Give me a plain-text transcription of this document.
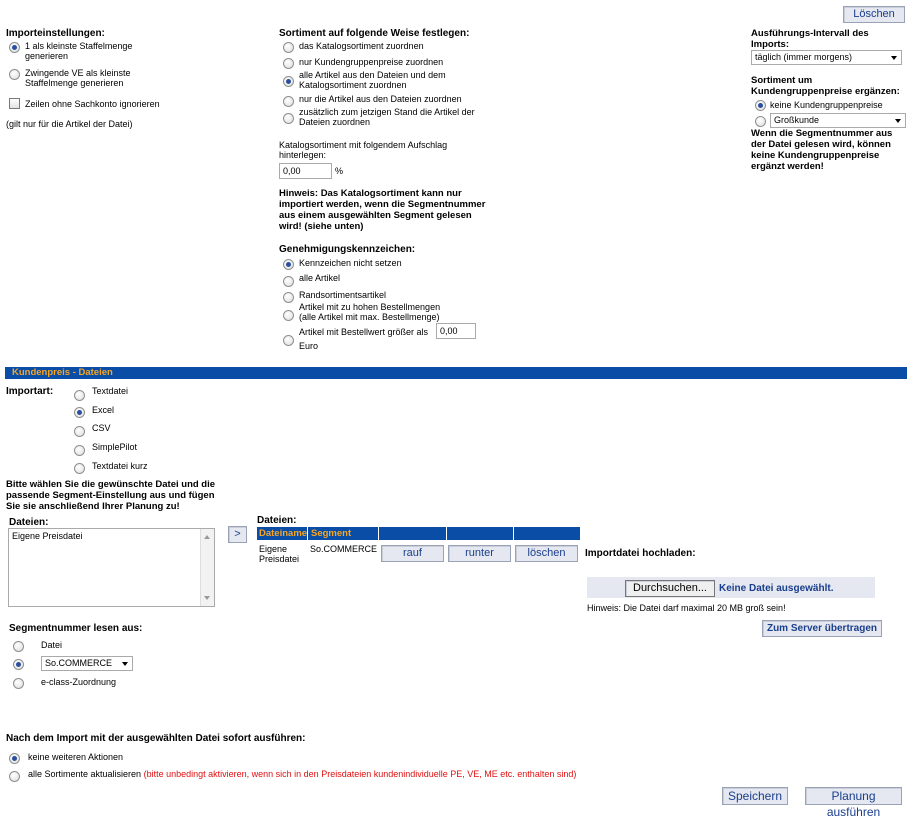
Löschen
Importeinstellungen:
1 als kleinste Staffelmenge generieren
Zwingende VE als kleinste Staffelmenge generieren
Zeilen ohne Sachkonto ignorieren
(gilt nur für die Artikel der Datei)
Sortiment auf folgende Weise festlegen:
das Katalogsortiment zuordnen
nur Kundengruppenpreise zuordnen
alle Artikel aus den Dateien und dem Katalogsortiment zuordnen
nur die Artikel aus den Dateien zuordnen
zusätzlich zum jetzigen Stand die Artikel der Dateien zuordnen
Katalogsortiment mit folgendem Aufschlag hinterlegen:
0,00	%
Hinweis: Das Katalogsortiment kann nur importiert werden, wenn die Segmentnummer aus einem ausgewählten Segment gelesen wird! (siehe unten)
Genehmigungskennzeichen:
Kennzeichen nicht setzen
alle Artikel
Randsortimentsartikel
Artikel mit zu hohen Bestellmengen (alle Artikel mit max. Bestellmenge)
Artikel mit Bestellwert größer als	0,00
Euro
Ausführungs-Intervall des Imports:
täglich (immer morgens)
Sortiment um Kundengruppenpreise ergänzen:
keine Kundengruppenpreise
Großkunde
Wenn die Segmentnummer aus der Datei gelesen wird, können keine Kundengruppenpreise ergänzt werden!
Kundenpreis - Dateien
Importart:	Textdatei
Excel
CSV
SimplePilot
Textdatei kurz
Bitte wählen Sie die gewünschte Datei und die passende Segment-Einstellung aus und fügen Sie sie anschließend Ihrer Planung zu!
Dateien:
Eigene Preisdatei	>
Dateien:
Dateiname Segment
Eigene Preisdatei
So.COMMERCE	rauf	runter	löschen	Importdatei hochladen:
Durchsuchen...	Keine Datei ausgewählt.
Hinweis: Die Datei darf maximal 20 MB groß sein!
Zum Server übertragen
Segmentnummer lesen aus:
Datei
So.COMMERCE
e-class-Zuordnung
Nach dem Import mit der ausgewählten Datei sofort ausführen:
keine weiteren Aktionen
alle Sortimente aktualisieren (bitte unbedingt aktivieren, wenn sich in den Preisdateien kundenindividuelle PE, VE, ME etc. enthalten sind)
Speichern	Planung ausführen
